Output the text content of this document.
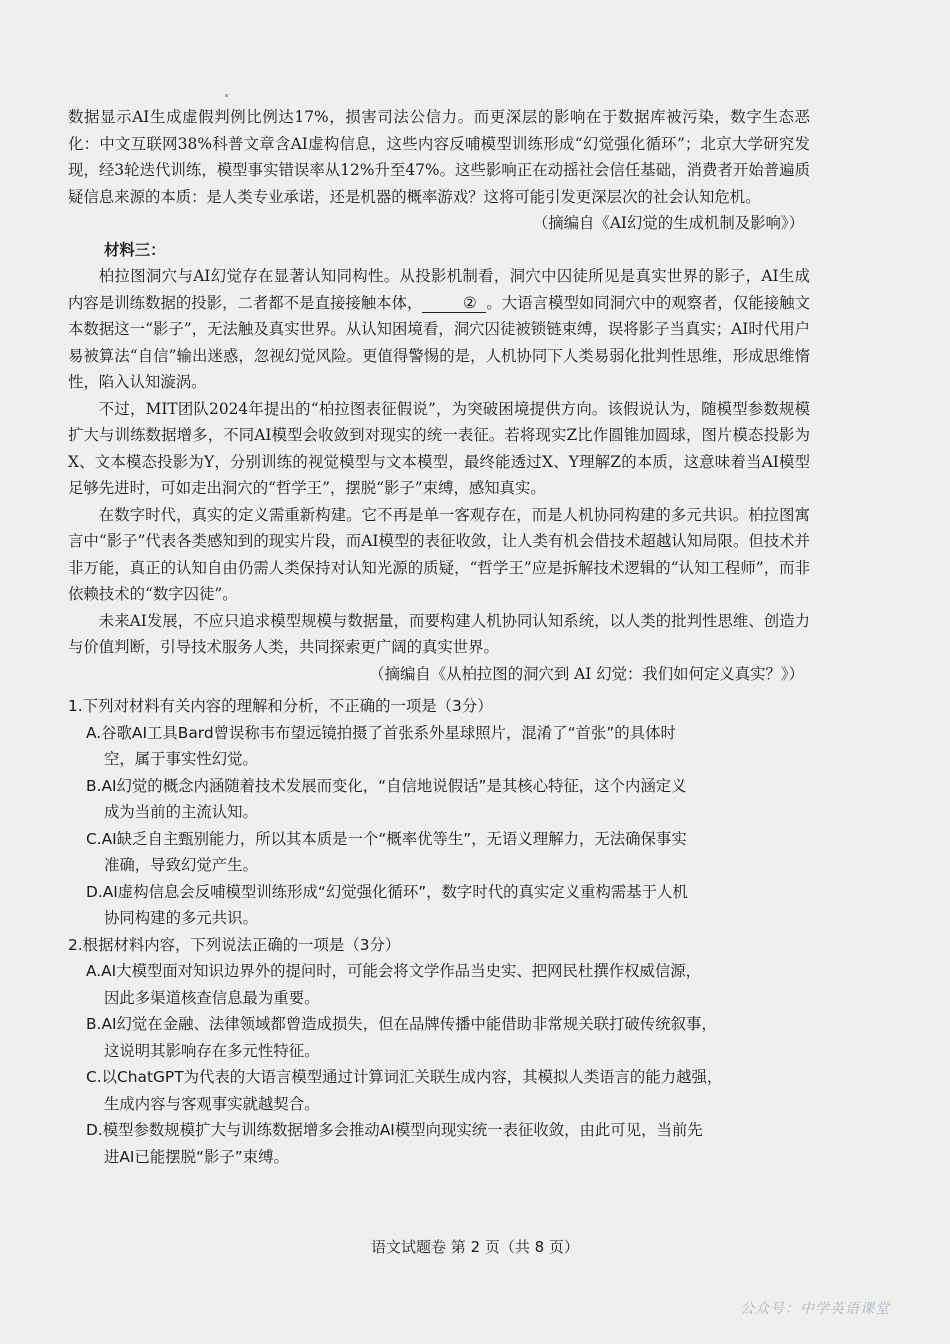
数据显示AI生成虚假判例比例达17%，损害司法公信力。而更深层的影响在于数据库被污染，数字生态恶化：中文互联网38%科普文章含AI虚构信息，这些内容反哺模型训练形成“幻觉强化循环”；北京大学研究发现，经3轮迭代训练，模型事实错误率从12%升至47%。这些影响正在动摇社会信任基础，消费者开始普遍质疑信息来源的本质：是人类专业承诺，还是机器的概率游戏？这将可能引发更深层次的社会认知危机。

（摘编自《AI幻觉的生成机制及影响》）

材料三：

柏拉图洞穴与AI幻觉存在显著认知同构性。从投影机制看，洞穴中囚徒所见是真实世界的影子，AI生成内容是训练数据的投影，二者都不是直接接触本体，	② 。大语言模型如同洞穴中的观察者，仅能接触文本数据这一“影子”，无法触及真实世界。从认知困境看，洞穴囚徒被锁链束缚，误将影子当真实；AI时代用户易被算法“自信”输出迷惑，忽视幻觉风险。更值得警惕的是，人机协同下人类易弱化批判性思维，形成思维惰性，陷入认知漩涡。

不过，MIT团队2024年提出的“柏拉图表征假说”，为突破困境提供方向。该假说认为，随模型参数规模扩大与训练数据增多，不同AI模型会收敛到对现实的统一表征。若将现实Z比作圆锥加圆球，图片模态投影为X、文本模态投影为Y，分别训练的视觉模型与文本模型，最终能透过X、Y理解Z的本质，这意味着当AI模型足够先进时，可如走出洞穴的“哲学王”，摆脱“影子”束缚，感知真实。

在数字时代，真实的定义需重新构建。它不再是单一客观存在，而是人机协同构建的多元共识。柏拉图寓言中“影子”代表各类感知到的现实片段，而AI模型的表征收敛，让人类有机会借技术超越认知局限。但技术并非万能，真正的认知自由仍需人类保持对认知光源的质疑，“哲学王”应是拆解技术逻辑的“认知工程师”，而非依赖技术的“数字囚徒”。

未来AI发展，不应只追求模型规模与数据量，而要构建人机协同认知系统，以人类的批判性思维、创造力与价值判断，引导技术服务人类，共同探索更广阔的真实世界。

（摘编自《从柏拉图的洞穴到 AI 幻觉：我们如何定义真实？》）

1.下列对材料有关内容的理解和分析，不正确的一项是（3分）

A.谷歌AI工具Bard曾误称韦布望远镜拍摄了首张系外星球照片，混淆了“首张”的具体时

空，属于事实性幻觉。

B.AI幻觉的概念内涵随着技术发展而变化，“自信地说假话”是其核心特征，这个内涵定义

成为当前的主流认知。

C.AI缺乏自主甄别能力，所以其本质是一个“概率优等生”，无语义理解力，无法确保事实

准确，导致幻觉产生。

D.AI虚构信息会反哺模型训练形成“幻觉强化循环”，数字时代的真实定义重构需基于人机

协同构建的多元共识。

2.根据材料内容，下列说法正确的一项是（3分）

A.AI大模型面对知识边界外的提问时，可能会将文学作品当史实、把网民杜撰作权威信源，

因此多渠道核查信息最为重要。

B.AI幻觉在金融、法律领域都曾造成损失，但在品牌传播中能借助非常规关联打破传统叙事，

这说明其影响存在多元性特征。

C.以ChatGPT为代表的大语言模型通过计算词汇关联生成内容，其模拟人类语言的能力越强，

生成内容与客观事实就越契合。

D.模型参数规模扩大与训练数据增多会推动AI模型向现实统一表征收敛，由此可见，当前先

进AI已能摆脱“影子”束缚。

语文试题卷 第 2 页（共 8 页）
公众号：中学英语课堂
